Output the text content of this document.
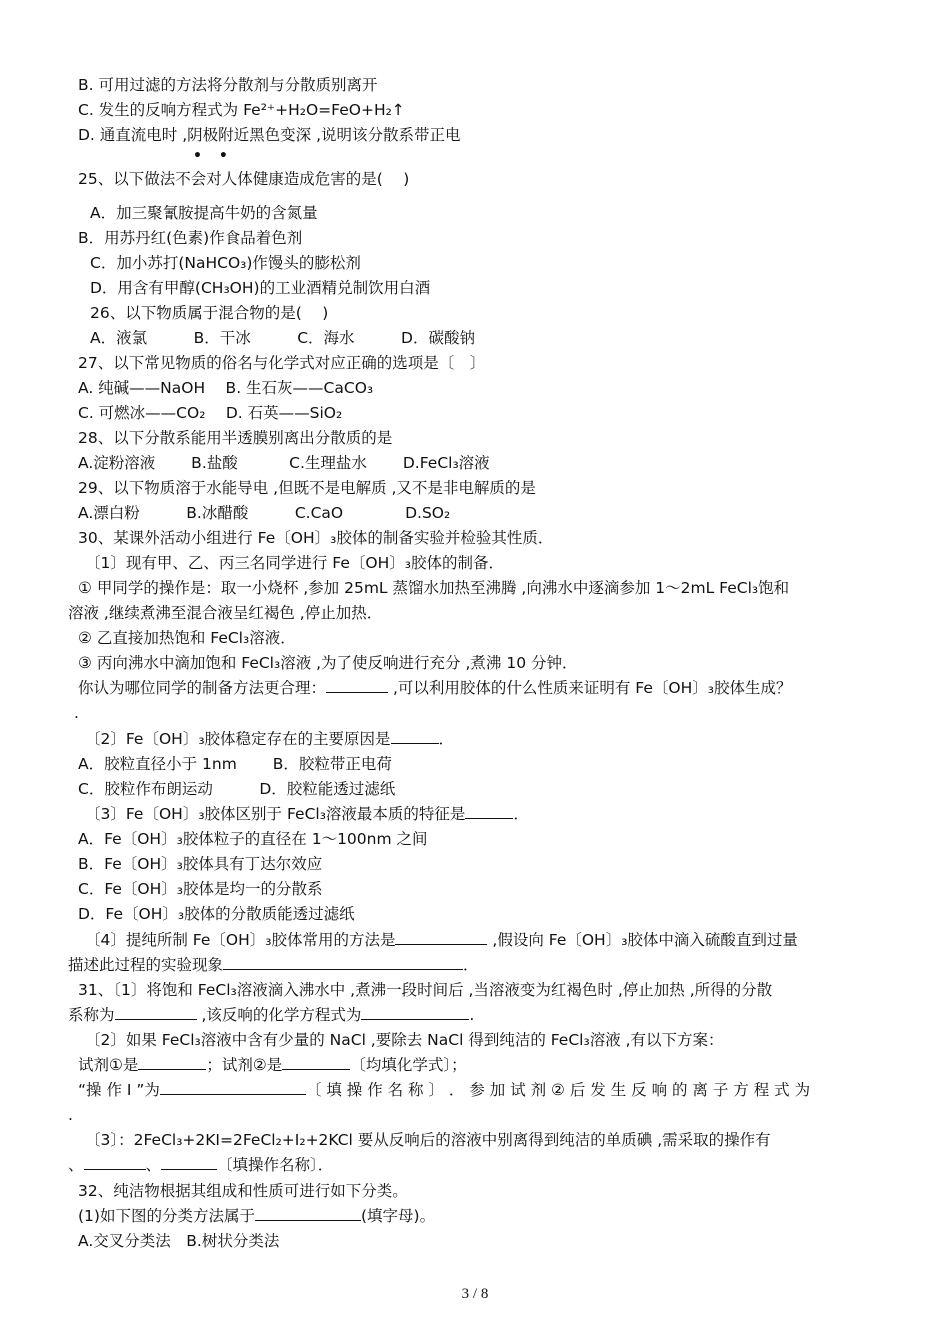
B. 可用过滤的方法将分散剂与分散质别离开
C. 发生的反响方程式为 Fe²⁺+H₂O=FeO+H₂↑
D. 通直流电时 ,阴极附近黑色变深 ,说明该分散系带正电
• •
25、以下做法不会对人体健康造成危害的是(　 )
A．加三聚氰胺提高牛奶的含氮量
B．用苏丹红(色素)作食品着色剂
C．加小苏打(NaHCO₃)作馒头的膨松剂
D．用含有甲醇(CH₃OH)的工业酒精兑制饮用白酒
26、以下物质属于混合物的是(　 )
A．液氯　　　B．干冰　　　C．海水　　　D．碳酸钠
27、以下常见物质的俗名与化学式对应正确的选项是〔　〕
A. 纯碱——NaOH　 B. 生石灰——CaCO₃
C. 可燃冰——CO₂　 D. 石英——SiO₂
28、以下分散系能用半透膜别离出分散质的是
A.淀粉溶液　　 B.盐酸　　　 C.生理盐水　　 D.FeCl₃溶液
29、以下物质溶于水能导电 ,但既不是电解质 ,又不是非电解质的是
A.漂白粉　　　B.冰醋酸　　　C.CaO　　　　D.SO₂
30、某课外活动小组进行 Fe〔OH〕₃胶体的制备实验并检验其性质．
〔1〕现有甲、乙、丙三名同学进行 Fe〔OH〕₃胶体的制备．
① 甲同学的操作是：取一小烧杯 ,参加 25mL 蒸馏水加热至沸腾 ,向沸水中逐滴参加 1～2mL FeCl₃饱和
溶液 ,继续煮沸至混合液呈红褐色 ,停止加热．
② 乙直接加热饱和 FeCl₃溶液．
③ 丙向沸水中滴加饱和 FeCl₃溶液 ,为了使反响进行充分 ,煮沸 10 分钟．
你认为哪位同学的制备方法更合理：	,可以利用胶体的什么性质来证明有 Fe〔OH〕₃胶体生成？
.
〔2〕Fe〔OH〕₃胶体稳定存在的主要原因是	．
A．胶粒直径小于 1nm　　 B．胶粒带正电荷
C．胶粒作布朗运动　　　D．胶粒能透过滤纸
〔3〕Fe〔OH〕₃胶体区别于 FeCl₃溶液最本质的特征是	．
A．Fe〔OH〕₃胶体粒子的直径在 1～100nm 之间
B．Fe〔OH〕₃胶体具有丁达尔效应
C．Fe〔OH〕₃胶体是均一的分散系
D．Fe〔OH〕₃胶体的分散质能透过滤纸
〔4〕提纯所制 Fe〔OH〕₃胶体常用的方法是	,假设向 Fe〔OH〕₃胶体中滴入硫酸直到过量
描述此过程的实验现象	．
31、〔1〕将饱和 FeCl₃溶液滴入沸水中 ,煮沸一段时间后 ,当溶液变为红褐色时 ,停止加热 ,所得的分散
系称为	,该反响的化学方程式为	.
〔2〕如果 FeCl₃溶液中含有少量的 NaCl ,要除去 NaCl 得到纯洁的 FeCl₃溶液 ,有以下方案：
试剂①是	；试剂②是	〔均填化学式〕；
“操 作 Ⅰ ”为	〔 填 操 作 名 称 〕 ． 参 加 试 剂 ② 后 发 生 反 响 的 离 子 方 程 式 为
.
〔3〕：2FeCl₃+2KI=2FeCl₂+I₂+2KCl 要从反响后的溶液中别离得到纯洁的单质碘 ,需采取的操作有
、	、	〔填操作名称〕．
32、纯洁物根据其组成和性质可进行如下分类。
(1)如下图的分类方法属于	(填字母)。
A.交叉分类法　B.树状分类法
3 / 8
